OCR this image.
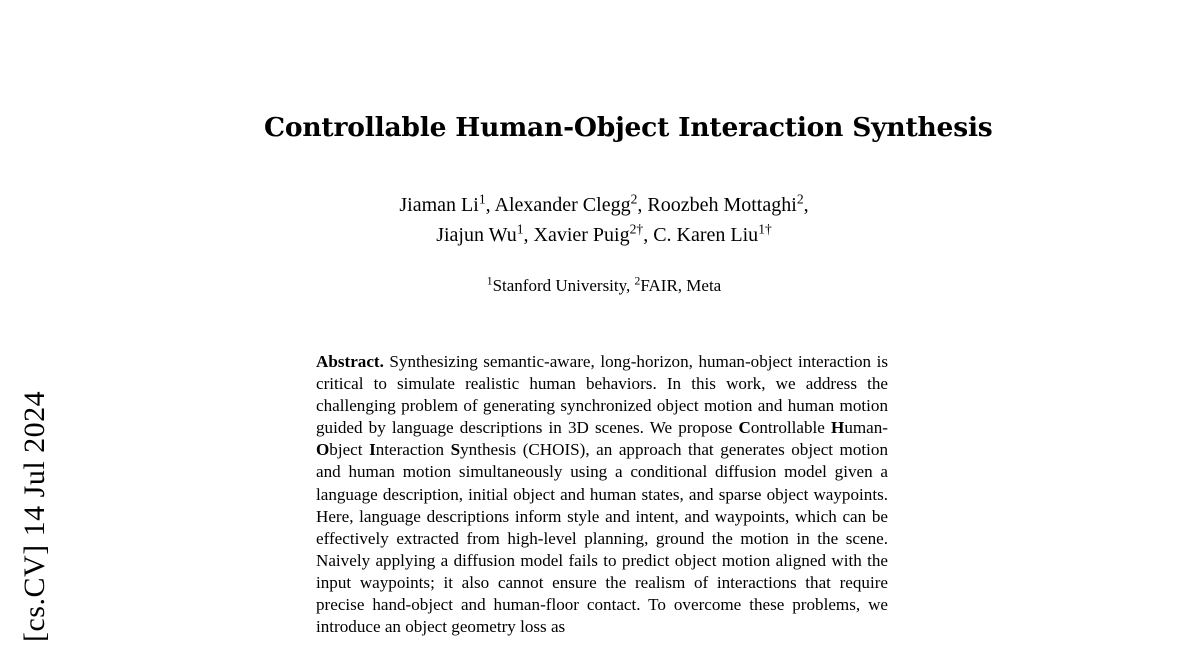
[cs.CV] 14 Jul 2024
Controllable Human-Object Interaction Synthesis
Jiaman Li$^1$, Alexander Clegg$^2$, Roozbeh Mottaghi$^2$,
Jiajun Wu$^1$, Xavier Puig$^{2\dagger}$, C. Karen Liu$^{1\dagger}$
$^1$Stanford University, $^2$FAIR, Meta
Abstract. Synthesizing semantic-aware, long-horizon, human-object interaction is critical to simulate realistic human behaviors. In this work, we address the challenging problem of generating synchronized object motion and human motion guided by language descriptions in 3D scenes. We propose Controllable Human-Object Interaction Synthesis (CHOIS), an approach that generates object motion and human motion simultaneously using a conditional diffusion model given a language description, initial object and human states, and sparse object waypoints. Here, language descriptions inform style and intent, and waypoints, which can be effectively extracted from high-level planning, ground the motion in the scene. Naively applying a diffusion model fails to predict object motion aligned with the input waypoints; it also cannot ensure the realism of interactions that require precise hand-object and human-floor contact. To overcome these problems, we introduce an object geometry loss as
